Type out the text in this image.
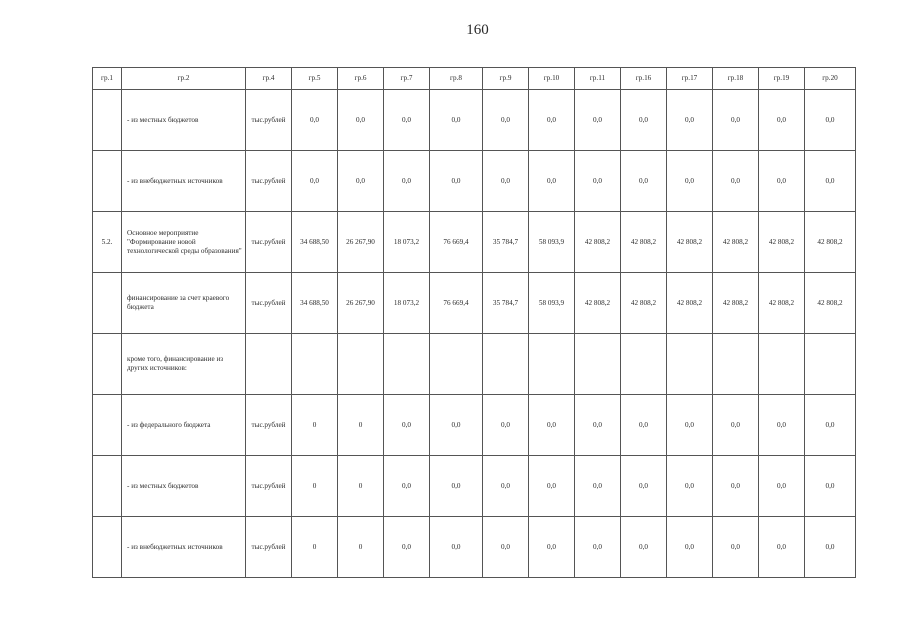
160
гр.1	гр.2	гр.4	гр.5	гр.6	гр.7	гр.8	гр.9	гр.10	гр.11	гр.16	гр.17	гр.18	гр.19	гр.20
	- из местных бюджетов	тыс.рублей	0,0	0,0	0,0	0,0	0,0	0,0	0,0	0,0	0,0	0,0	0,0	0,0
	- из внебюджетных источников	тыс.рублей	0,0	0,0	0,0	0,0	0,0	0,0	0,0	0,0	0,0	0,0	0,0	0,0
5.2.	Основное мероприятие "Формирование новой технологической среды образования"	тыс.рублей	34 688,50	26 267,90	18 073,2	76 669,4	35 784,7	58 093,9	42 808,2	42 808,2	42 808,2	42 808,2	42 808,2	42 808,2
	финансирование за счет краевого бюджета	тыс.рублей	34 688,50	26 267,90	18 073,2	76 669,4	35 784,7	58 093,9	42 808,2	42 808,2	42 808,2	42 808,2	42 808,2	42 808,2
	кроме того, финансирование из других источников:													
	- из федерального бюджета	тыс.рублей	0	0	0,0	0,0	0,0	0,0	0,0	0,0	0,0	0,0	0,0	0,0
	- из местных бюджетов	тыс.рублей	0	0	0,0	0,0	0,0	0,0	0,0	0,0	0,0	0,0	0,0	0,0
	- из внебюджетных источников	тыс.рублей	0	0	0,0	0,0	0,0	0,0	0,0	0,0	0,0	0,0	0,0	0,0
